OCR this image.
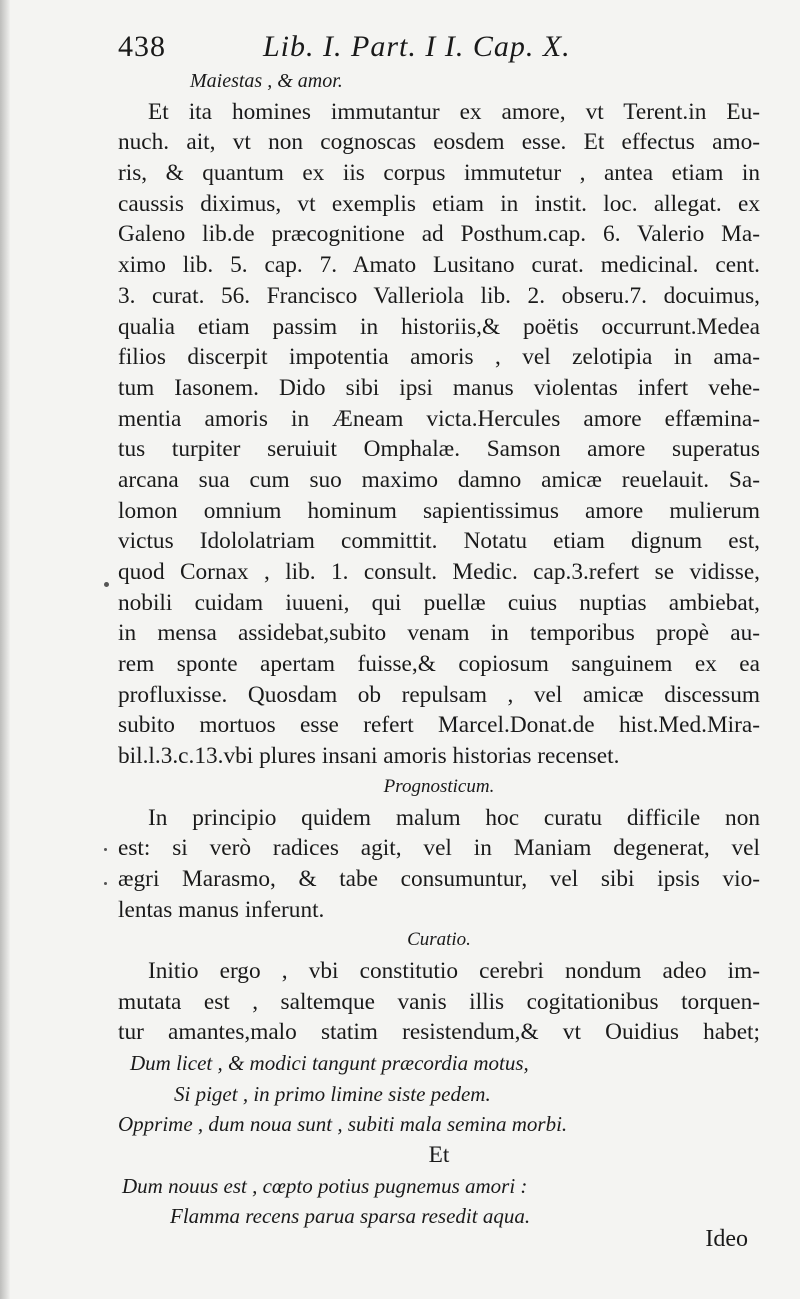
438	Lib. I. Part. I I. Cap. X.
Maiestas , & amor.
Et ita homines immutantur ex amore, vt Terent.in Eu-
nuch. ait, vt non cognoscas eosdem esse. Et effectus amo-
ris, & quantum ex iis corpus immutetur , antea etiam in
caussis diximus, vt exemplis etiam in instit. loc. allegat. ex
Galeno lib.de præcognitione ad Posthum.cap. 6. Valerio Ma-
ximo lib. 5. cap. 7. Amato Lusitano curat. medicinal. cent.
3. curat. 56. Francisco Valleriola lib. 2. obseru.7. docuimus,
qualia etiam passim in historiis,& poëtis occurrunt.Medea
filios discerpit impotentia amoris , vel zelotipia in ama-
tum Iasonem. Dido sibi ipsi manus violentas infert vehe-
mentia amoris in Æneam victa.Hercules amore effæmina-
tus turpiter seruiuit Omphalæ. Samson amore superatus
arcana sua cum suo maximo damno amicæ reuelauit. Sa-
lomon omnium hominum sapientissimus amore mulierum
victus Idololatriam committit. Notatu etiam dignum est,
quod Cornax , lib. 1. consult. Medic. cap.3.refert se vidisse,
nobili cuidam iuueni, qui puellæ cuius nuptias ambiebat,
in mensa assidebat,subito venam in temporibus propè au-
rem sponte apertam fuisse,& copiosum sanguinem ex ea
profluxisse. Quosdam ob repulsam , vel amicæ discessum
subito mortuos esse refert Marcel.Donat.de hist.Med.Mira-
bil.l.3.c.13.vbi plures insani amoris historias recenset.
Prognosticum.
In principio quidem malum hoc curatu difficile non
est: si verò radices agit, vel in Maniam degenerat, vel
ægri Marasmo, & tabe consumuntur, vel sibi ipsis vio-
lentas manus inferunt.
Curatio.
Initio ergo , vbi constitutio cerebri nondum adeo im-
mutata est , saltemque vanis illis cogitationibus torquen-
tur amantes,malo statim resistendum,& vt Ouidius habet;
Dum licet , & modici tangunt præcordia motus,
Si piget , in primo limine siste pedem.
Opprime , dum noua sunt , subiti mala semina morbi.
Et
Dum nouus est , cœpto potius pugnemus amori :
Flamma recens parua sparsa resedit aqua.
Ideo
